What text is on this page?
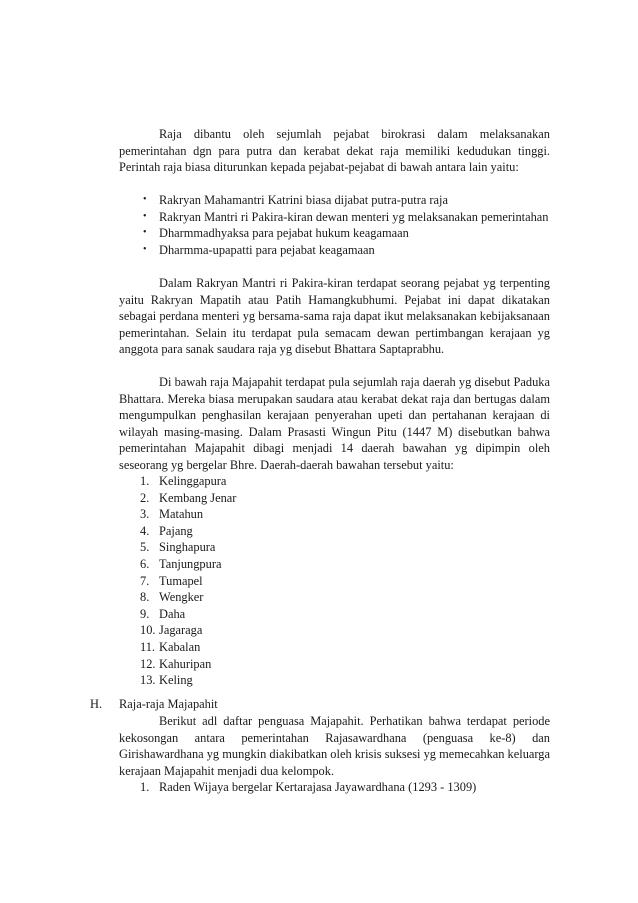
Raja dibantu oleh sejumlah pejabat birokrasi dalam melaksanakan pemerintahan dgn para putra dan kerabat dekat raja memiliki kedudukan tinggi. Perintah raja biasa diturunkan kepada pejabat-pejabat di bawah antara lain yaitu:

• Rakryan Mahamantri Katrini biasa dijabat putra-putra raja
• Rakryan Mantri ri Pakira-kiran dewan menteri yg melaksanakan pemerintahan
• Dharmmadhyaksa para pejabat hukum keagamaan
• Dharmma-upapatti para pejabat keagamaan

Dalam Rakryan Mantri ri Pakira-kiran terdapat seorang pejabat yg terpenting yaitu Rakryan Mapatih atau Patih Hamangkubhumi. Pejabat ini dapat dikatakan sebagai perdana menteri yg bersama-sama raja dapat ikut melaksanakan kebijaksanaan pemerintahan. Selain itu terdapat pula semacam dewan pertimbangan kerajaan yg anggota para sanak saudara raja yg disebut Bhattara Saptaprabhu.

Di bawah raja Majapahit terdapat pula sejumlah raja daerah yg disebut Paduka Bhattara. Mereka biasa merupakan saudara atau kerabat dekat raja dan bertugas dalam mengumpulkan penghasilan kerajaan penyerahan upeti dan pertahanan kerajaan di wilayah masing-masing. Dalam Prasasti Wingun Pitu (1447 M) disebutkan bahwa pemerintahan Majapahit dibagi menjadi 14 daerah bawahan yg dipimpin oleh seseorang yg bergelar Bhre. Daerah-daerah bawahan tersebut yaitu:

1. Kelinggapura
2. Kembang Jenar
3. Matahun
4. Pajang
5. Singhapura
6. Tanjungpura
7. Tumapel
8. Wengker
9. Daha
10. Jagaraga
11. Kabalan
12. Kahuripan
13. Keling
H. Raja-raja Majapahit

Berikut adl daftar penguasa Majapahit. Perhatikan bahwa terdapat periode kekosongan antara pemerintahan Rajasawardhana (penguasa ke-8) dan Girishawardhana yg mungkin diakibatkan oleh krisis suksesi yg memecahkan keluarga kerajaan Majapahit menjadi dua kelompok.

1. Raden Wijaya bergelar Kertarajasa Jayawardhana (1293 - 1309)
